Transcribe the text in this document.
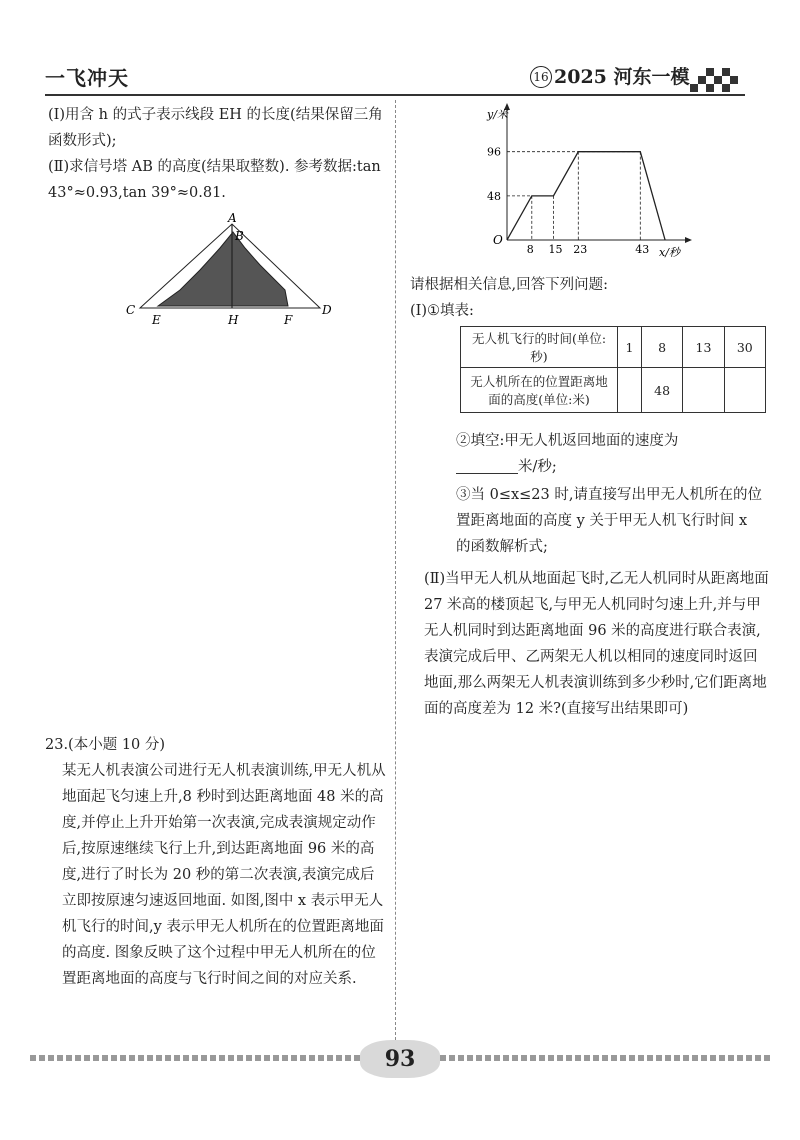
一飞冲天	16 2025 河东一模
(Ⅰ)用含 h 的式子表示线段 EH 的长度(结果保留三角函数形式);
(Ⅱ)求信号塔 AB 的高度(结果取整数). 参考数据:tan 43°≈0.93,tan 39°≈0.81.
A
B
C	D
E	H	F
23.(本小题 10 分)
某无人机表演公司进行无人机表演训练,甲无人机从地面起飞匀速上升,8 秒时到达距离地面 48 米的高度,并停止上升开始第一次表演,完成表演规定动作后,按原速继续飞行上升,到达距离地面 96 米的高度,进行了时长为 20 秒的第二次表演,表演完成后立即按原速匀速返回地面. 如图,图中 x 表示甲无人机飞行的时间,y 表示甲无人机所在的位置距离地面的高度. 图象反映了这个过程中甲无人机所在的位置距离地面的高度与飞行时间之间的对应关系.
y/米
x/秒
O
8 15 23	43
48
96
请根据相关信息,回答下列问题:
(Ⅰ)①填表:
无人机飞行的时间(单位:秒)	1	8	13	30
无人机所在的位置距离地面的高度(单位:米)		48		
②填空:甲无人机返回地面的速度为
米/秒;
③当 0≤x≤23 时,请直接写出甲无人机所在的位置距离地面的高度 y 关于甲无人机飞行时间 x 的函数解析式;
(Ⅱ)当甲无人机从地面起飞时,乙无人机同时从距离地面 27 米高的楼顶起飞,与甲无人机同时匀速上升,并与甲无人机同时到达距离地面 96 米的高度进行联合表演,表演完成后甲、乙两架无人机以相同的速度同时返回地面,那么两架无人机表演训练到多少秒时,它们距离地面的高度差为 12 米?(直接写出结果即可)
93
